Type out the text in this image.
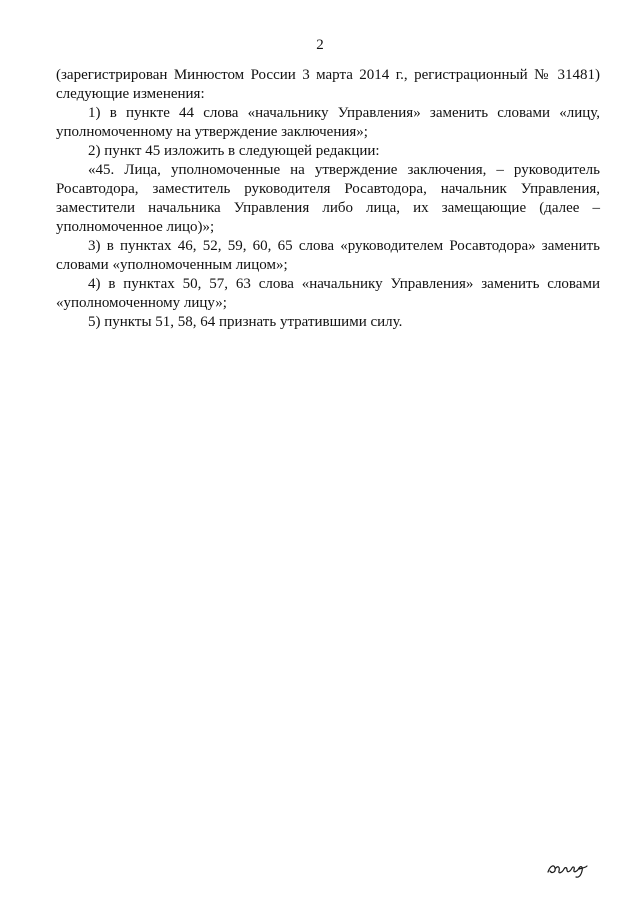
2

(зарегистрирован Минюстом России 3 марта 2014 г., регистрационный № 31481) следующие изменения:

1) в пункте 44 слова «начальнику Управления» заменить словами «лицу, уполномоченному на утверждение заключения»;

2) пункт 45 изложить в следующей редакции:

«45. Лица, уполномоченные на утверждение заключения, – руководитель Росавтодора, заместитель руководителя Росавтодора, начальник Управления, заместители начальника Управления либо лица, их замещающие (далее – уполномоченное лицо)»;

3) в пунктах 46, 52, 59, 60, 65 слова «руководителем Росавтодора» заменить словами «уполномоченным лицом»;

4) в пунктах 50, 57, 63 слова «начальнику Управления» заменить словами «уполномоченному лицу»;

5) пункты 51, 58, 64 признать утратившими силу.
